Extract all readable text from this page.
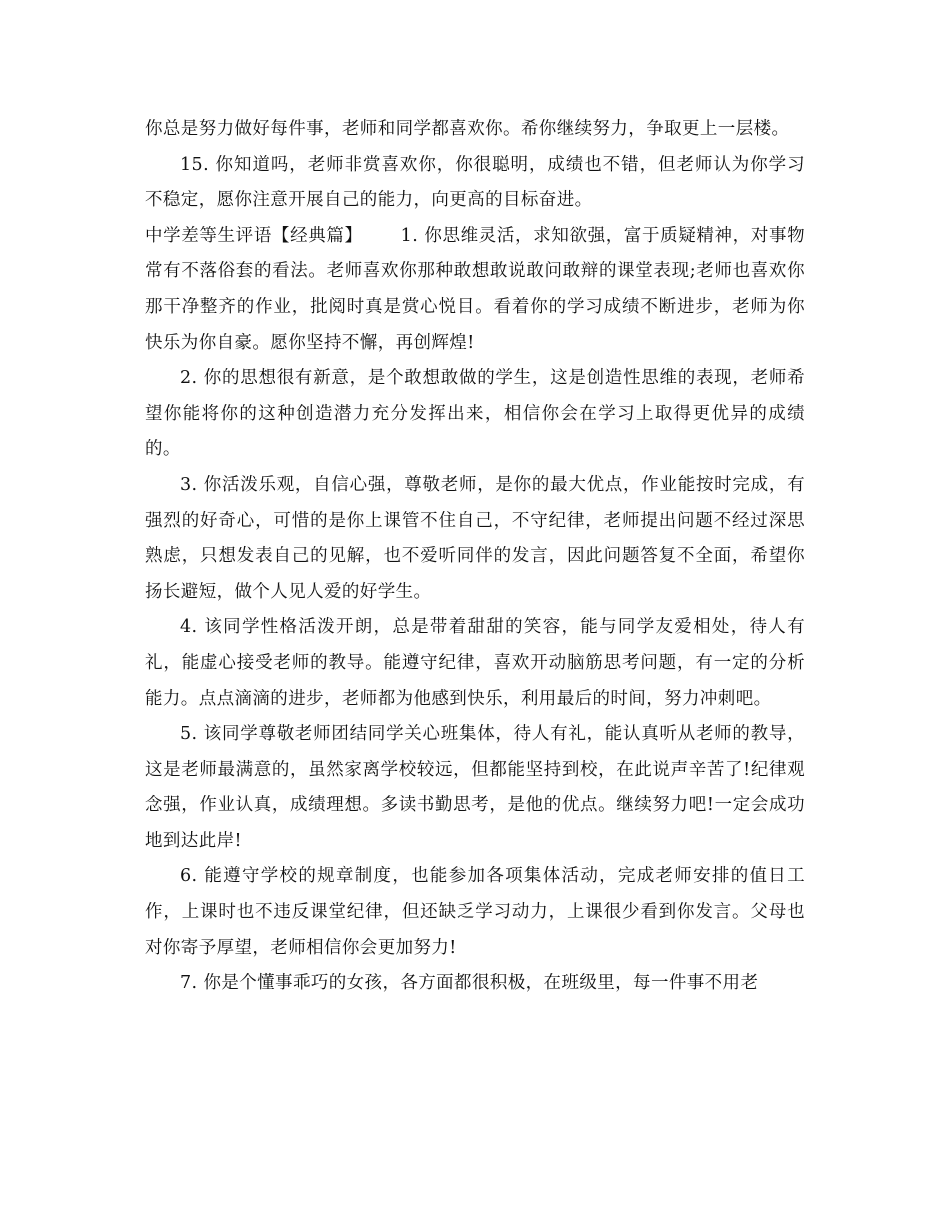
你总是努力做好每件事，老师和同学都喜欢你。希你继续努力，争取更上一层楼。

15. 你知道吗，老师非赏喜欢你，你很聪明，成绩也不错，但老师认为你学习不稳定，愿你注意开展自己的能力，向更高的目标奋进。

中学差等生评语【经典篇】 1. 你思维灵活，求知欲强，富于质疑精神，对事物常有不落俗套的看法。老师喜欢你那种敢想敢说敢问敢辩的课堂表现;老师也喜欢你那干净整齐的作业，批阅时真是赏心悦目。看着你的学习成绩不断进步，老师为你快乐为你自豪。愿你坚持不懈，再创辉煌!

2. 你的思想很有新意，是个敢想敢做的学生，这是创造性思维的表现，老师希望你能将你的这种创造潜力充分发挥出来，相信你会在学习上取得更优异的成绩的。

3. 你活泼乐观，自信心强，尊敬老师，是你的最大优点，作业能按时完成，有强烈的好奇心，可惜的是你上课管不住自己，不守纪律，老师提出问题不经过深思熟虑，只想发表自己的见解，也不爱听同伴的发言，因此问题答复不全面，希望你扬长避短，做个人见人爱的好学生。

4. 该同学性格活泼开朗，总是带着甜甜的笑容，能与同学友爱相处，待人有礼，能虚心接受老师的教导。能遵守纪律，喜欢开动脑筋思考问题，有一定的分析能力。点点滴滴的进步，老师都为他感到快乐，利用最后的时间，努力冲刺吧。

5. 该同学尊敬老师团结同学关心班集体，待人有礼，能认真听从老师的教导，这是老师最满意的，虽然家离学校较远，但都能坚持到校，在此说声辛苦了!纪律观念强，作业认真，成绩理想。多读书勤思考，是他的优点。继续努力吧!一定会成功地到达此岸!

6. 能遵守学校的规章制度，也能参加各项集体活动，完成老师安排的值日工作，上课时也不违反课堂纪律，但还缺乏学习动力，上课很少看到你发言。父母也对你寄予厚望，老师相信你会更加努力!

7. 你是个懂事乖巧的女孩，各方面都很积极，在班级里，每一件事不用老
